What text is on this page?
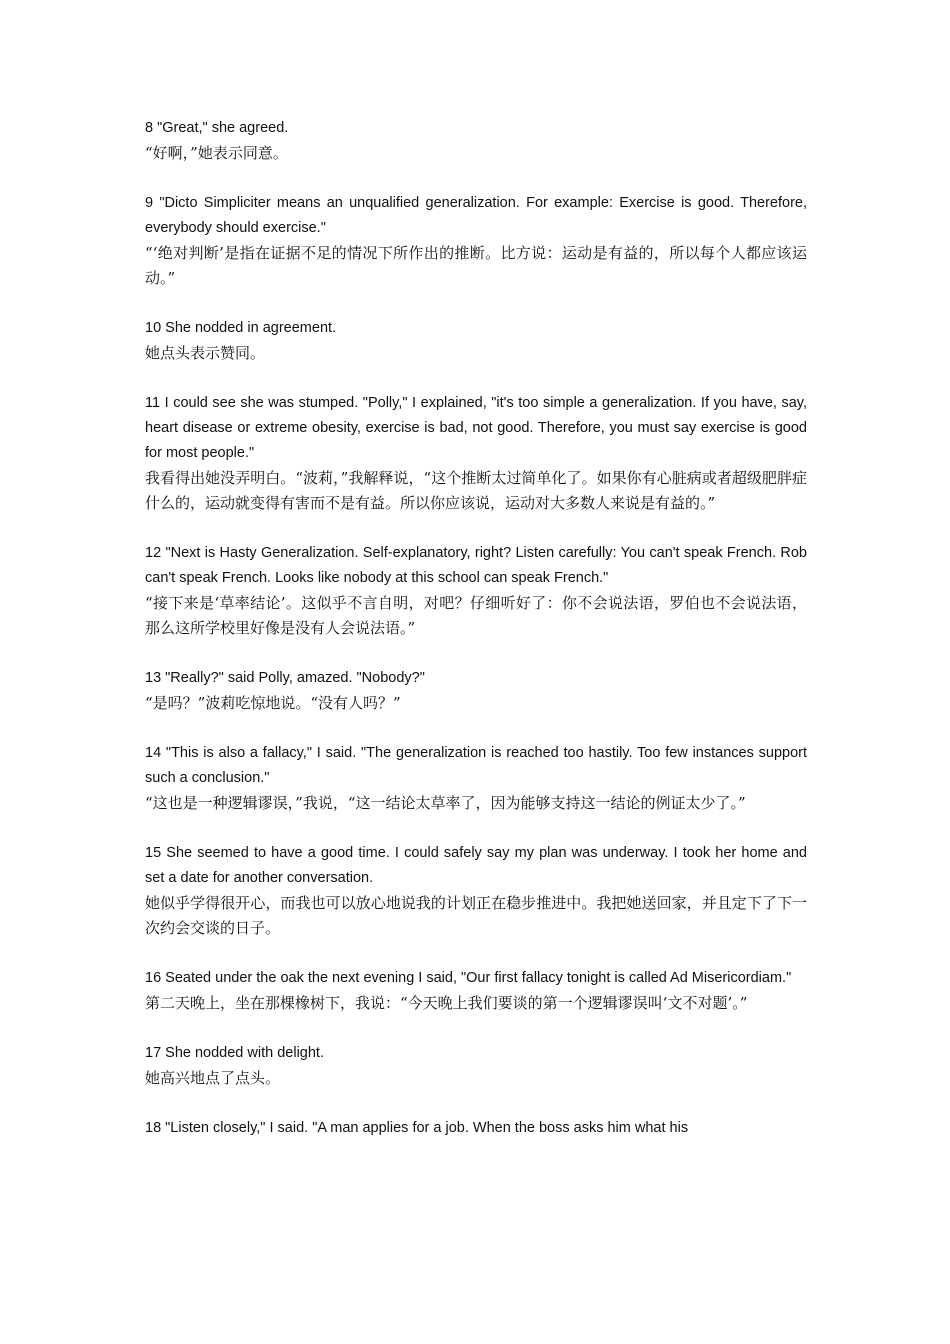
8 "Great," she agreed.

“好啊，”她表示同意。

9 "Dicto Simpliciter means an unqualified generalization. For example: Exercise is good. Therefore, everybody should exercise."

“‘绝对判断’是指在证据不足的情况下所作出的推断。比方说：运动是有益的，所以每个人都应该运动。”

10 She nodded in agreement.

她点头表示赞同。

11 I could see she was stumped. "Polly," I explained, "it's too simple a generalization. If you have, say, heart disease or extreme obesity, exercise is bad, not good. Therefore, you must say exercise is good for most people."

我看得出她没弄明白。“波莉，”我解释说，“这个推断太过简单化了。如果你有心脏病或者超级肥胖症什么的，运动就变得有害而不是有益。所以你应该说，运动对大多数人来说是有益的。”

12 "Next is Hasty Generalization. Self-explanatory, right? Listen carefully: You can't speak French. Rob can't speak French. Looks like nobody at this school can speak French."

“接下来是‘草率结论’。这似乎不言自明，对吧？仔细听好了：你不会说法语，罗伯也不会说法语，那么这所学校里好像是没有人会说法语。”

13 "Really?" said Polly, amazed. "Nobody?"

“是吗？”波莉吃惊地说。“没有人吗？”

14 "This is also a fallacy," I said. "The generalization is reached too hastily. Too few instances support such a conclusion."

“这也是一种逻辑谬误，”我说，“这一结论太草率了，因为能够支持这一结论的例证太少了。”

15 She seemed to have a good time. I could safely say my plan was underway. I took her home and set a date for another conversation.

她似乎学得很开心，而我也可以放心地说我的计划正在稳步推进中。我把她送回家，并且定下了下一次约会交谈的日子。

16 Seated under the oak the next evening I said, "Our first fallacy tonight is called Ad Misericordiam."

第二天晚上，坐在那棵橡树下，我说：“今天晚上我们要谈的第一个逻辑谬误叫‘文不对题’。”

17 She nodded with delight.

她高兴地点了点头。

18 "Listen closely," I said. "A man applies for a job. When the boss asks him what his
